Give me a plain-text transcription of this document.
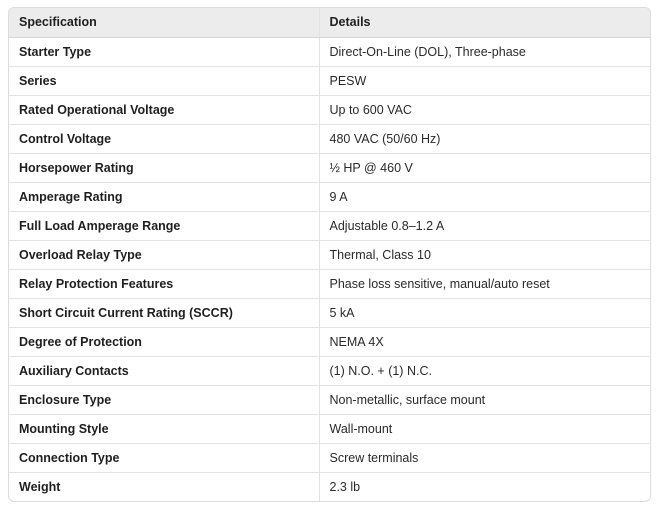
Specification	Details
Starter Type	Direct-On-Line (DOL), Three-phase
Series	PESW
Rated Operational Voltage	Up to 600 VAC
Control Voltage	480 VAC (50/60 Hz)
Horsepower Rating	½ HP @ 460 V
Amperage Rating	9 A
Full Load Amperage Range	Adjustable 0.8–1.2 A
Overload Relay Type	Thermal, Class 10
Relay Protection Features	Phase loss sensitive, manual/auto reset
Short Circuit Current Rating (SCCR)	5 kA
Degree of Protection	NEMA 4X
Auxiliary Contacts	(1) N.O. + (1) N.C.
Enclosure Type	Non-metallic, surface mount
Mounting Style	Wall-mount
Connection Type	Screw terminals
Weight	2.3 lb
